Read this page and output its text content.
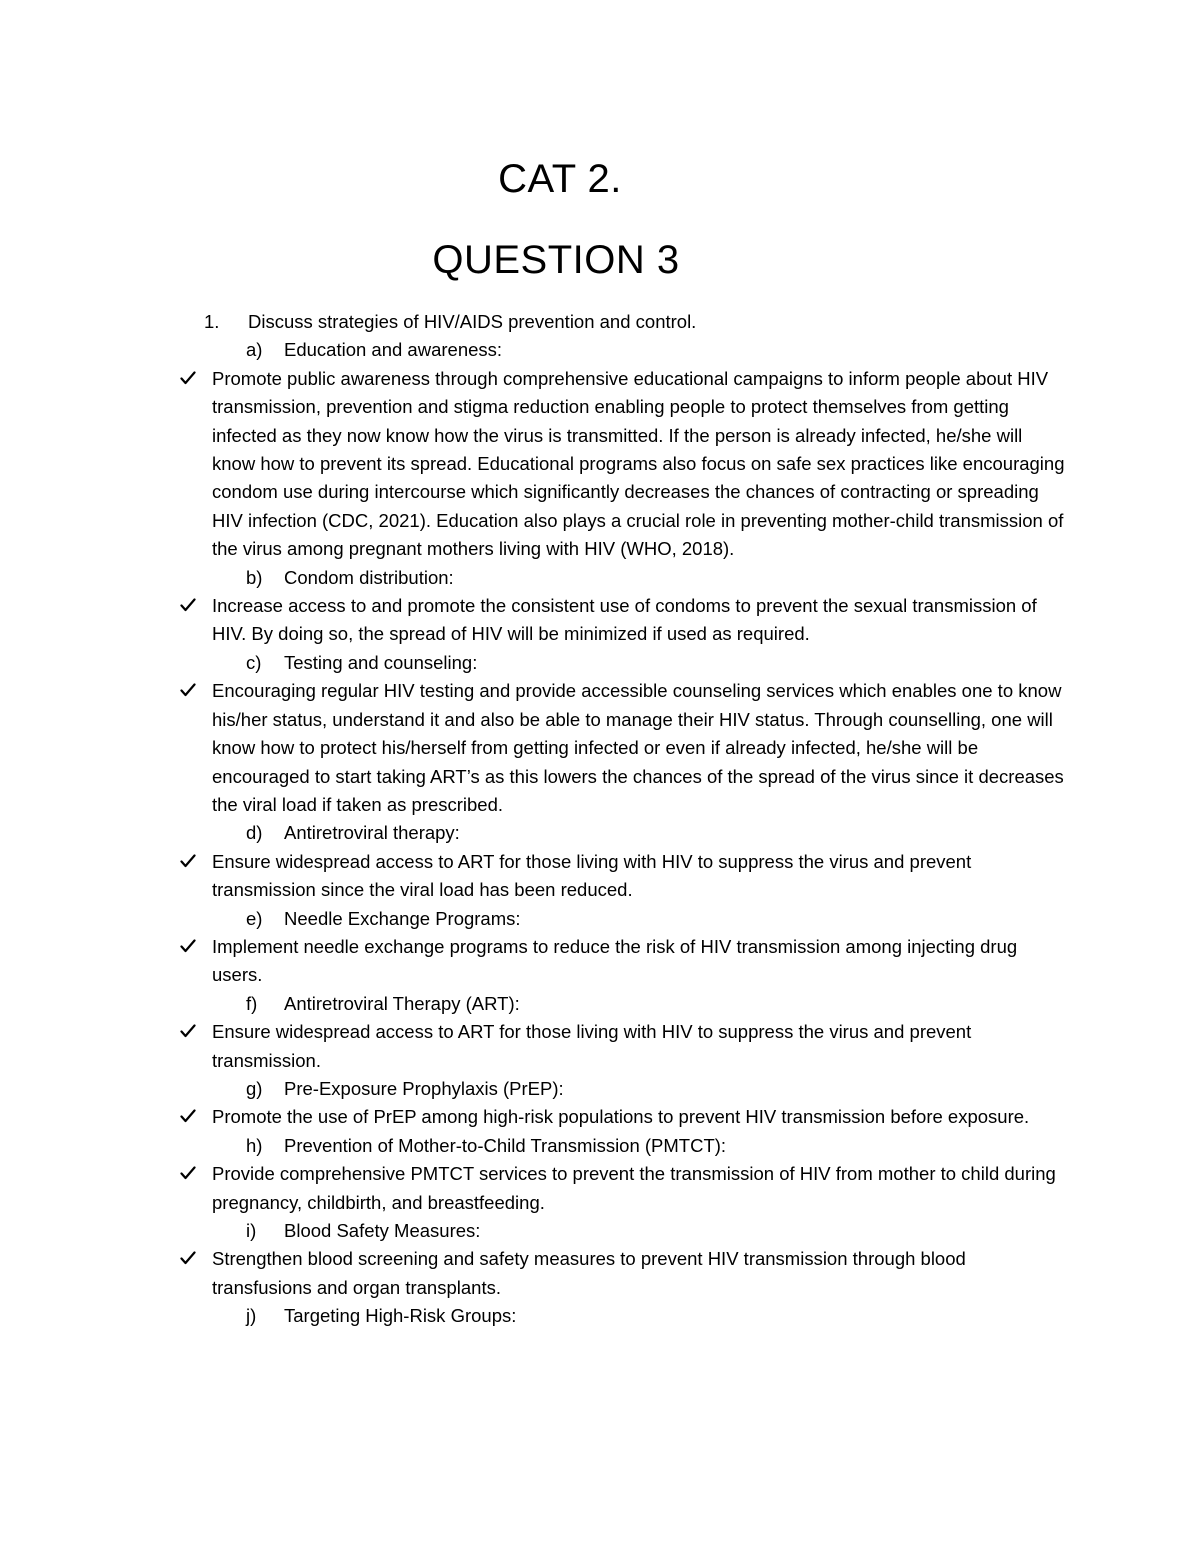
CAT 2.
QUESTION 3
1. Discuss strategies of HIV/AIDS prevention and control.
a) Education and awareness:
Promote public awareness through comprehensive educational campaigns to inform people about HIV transmission, prevention and stigma reduction enabling people to protect themselves from getting infected as they now know how the virus is transmitted. If the person is already infected, he/she will know how to prevent its spread. Educational programs also focus on safe sex practices like encouraging condom use during intercourse which significantly decreases the chances of contracting or spreading HIV infection (CDC, 2021). Education also plays a crucial role in preventing mother-child transmission of the virus among pregnant mothers living with HIV (WHO, 2018).
b) Condom distribution:
Increase access to and promote the consistent use of condoms to prevent the sexual transmission of HIV. By doing so, the spread of HIV will be minimized if used as required.
c) Testing and counseling:
Encouraging regular HIV testing and provide accessible counseling services which enables one to know his/her status, understand it and also be able to manage their HIV status. Through counselling, one will know how to protect his/herself from getting infected or even if already infected, he/she will be encouraged to start taking ART’s as this lowers the chances of the spread of the virus since it decreases the viral load if taken as prescribed.
d) Antiretroviral therapy:
Ensure widespread access to ART for those living with HIV to suppress the virus and prevent transmission since the viral load has been reduced.
e) Needle Exchange Programs:
Implement needle exchange programs to reduce the risk of HIV transmission among injecting drug users.
f) Antiretroviral Therapy (ART):
Ensure widespread access to ART for those living with HIV to suppress the virus and prevent transmission.
g) Pre-Exposure Prophylaxis (PrEP):
Promote the use of PrEP among high-risk populations to prevent HIV transmission before exposure.
h) Prevention of Mother-to-Child Transmission (PMTCT):
Provide comprehensive PMTCT services to prevent the transmission of HIV from mother to child during pregnancy, childbirth, and breastfeeding.
i) Blood Safety Measures:
Strengthen blood screening and safety measures to prevent HIV transmission through blood transfusions and organ transplants.
j) Targeting High-Risk Groups:
